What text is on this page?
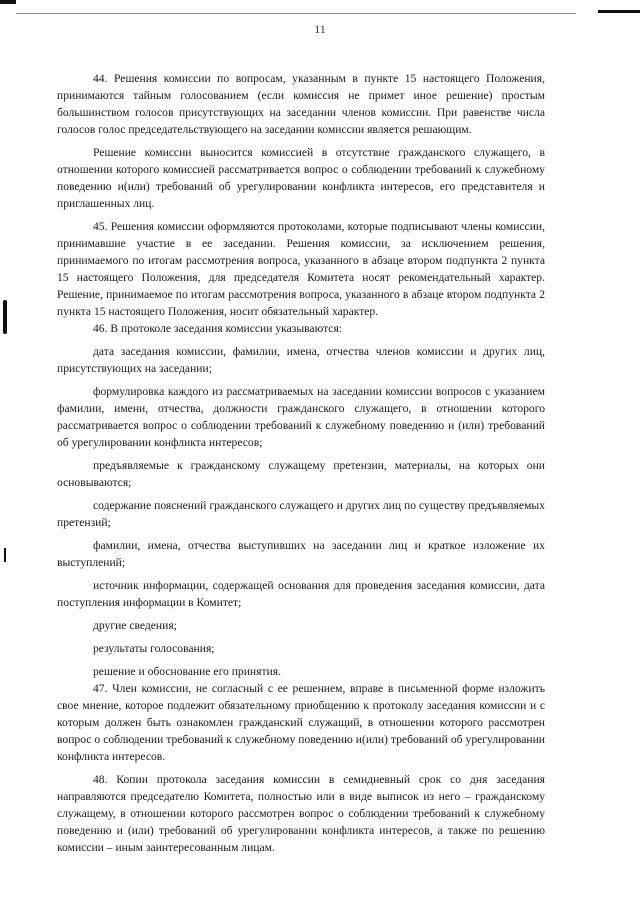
11

44. Решения комиссии по вопросам, указанным в пункте 15 настоящего Положения, принимаются тайным голосованием (если комиссия не примет иное решение) простым большинством голосов присутствующих на заседании членов комиссии. При равенстве числа голосов голос председательствующего на заседании комиссии является решающим.

Решение комиссии выносится комиссией в отсутствие гражданского служащего, в отношении которого комиссией рассматривается вопрос о соблюдении требований к служебному поведению и(или) требований об урегулировании конфликта интересов, его представителя и приглашенных лиц.

45. Решения комиссии оформляются протоколами, которые подписывают члены комиссии, принимавшие участие в ее заседании. Решения комиссии, за исключением решения, принимаемого по итогам рассмотрения вопроса, указанного в абзаце втором подпункта 2 пункта 15 настоящего Положения, для председателя Комитета носят рекомендательный характер. Решение, принимаемое по итогам рассмотрения вопроса, указанного в абзаце втором подпункта 2 пункта 15 настоящего Положения, носит обязательный характер.

46. В протоколе заседания комиссии указываются:

дата заседания комиссии, фамилии, имена, отчества членов комиссии и других лиц, присутствующих на заседании;

формулировка каждого из рассматриваемых на заседании комиссии вопросов с указанием фамилии, имени, отчества, должности гражданского служащего, в отношении которого рассматривается вопрос о соблюдении требований к служебному поведению и (или) требований об урегулировании конфликта интересов;

предъявляемые к гражданскому служащему претензии, материалы, на которых они основываются;

содержание пояснений гражданского служащего и других лиц по существу предъявляемых претензий;

фамилии, имена, отчества выступивших на заседании лиц и краткое изложение их выступлений;

источник информации, содержащей основания для проведения заседания комиссии, дата поступления информации в Комитет;

другие сведения;

результаты голосования;

решение и обоснование его принятия.

47. Член комиссии, не согласный с ее решением, вправе в письменной форме изложить свое мнение, которое подлежит обязательному приобщению к протоколу заседания комиссии и с которым должен быть ознакомлен гражданский служащий, в отношении которого рассмотрен вопрос о соблюдении требований к служебному поведению и(или) требований об урегулировании конфликта интересов.

48. Копии протокола заседания комиссии в семидневный срок со дня заседания направляются председателю Комитета, полностью или в виде выписок из него – гражданскому служащему, в отношении которого рассмотрен вопрос о соблюдении требований к служебному поведению и (или) требований об урегулировании конфликта интересов, а также по решению комиссии – иным заинтересованным лицам.
